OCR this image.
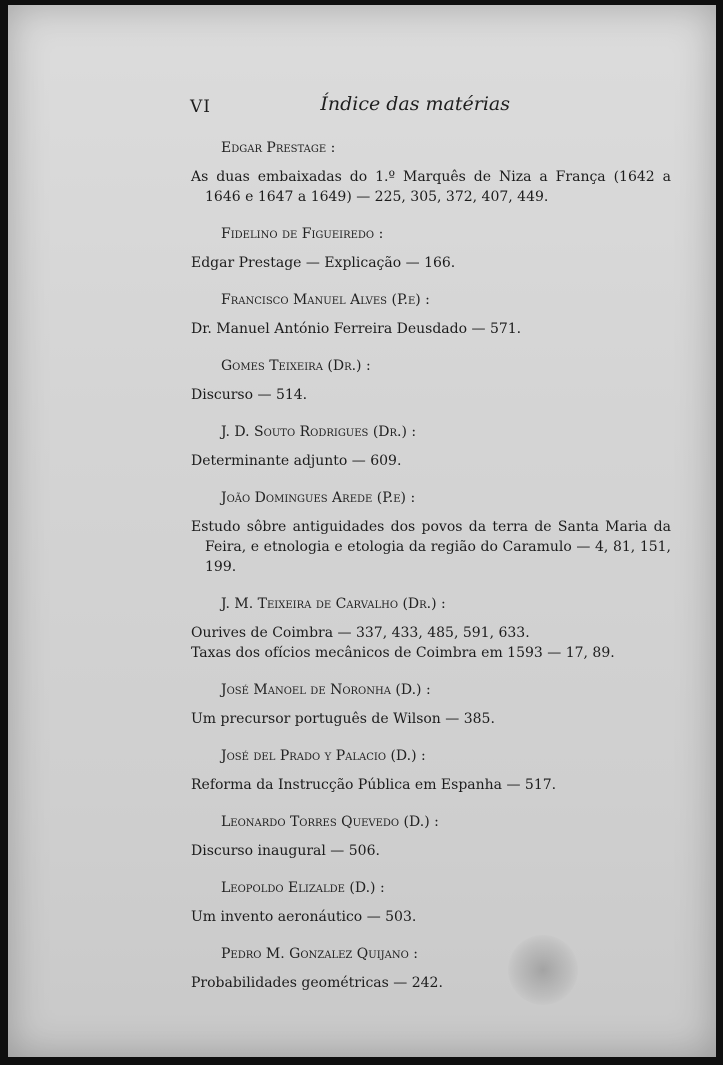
VI	Índice das matérias
Edgar Prestage :
As duas embaixadas do 1.º Marquês de Niza a França (1642 a 1646 e 1647 a 1649) — 225, 305, 372, 407, 449.
Fidelino de Figueiredo :
Edgar Prestage — Explicação — 166.
Francisco Manuel Alves (P.e) :
Dr. Manuel António Ferreira Deusdado — 571.
Gomes Teixeira (Dr.) :
Discurso — 514.
J. D. Souto Rodrigues (Dr.) :
Determinante adjunto — 609.
João Domingues Arede (P.e) :
Estudo sôbre antiguidades dos povos da terra de Santa Maria da Feira, e etnologia e etologia da região do Caramulo — 4, 81, 151, 199.
J. M. Teixeira de Carvalho (Dr.) :
Ourives de Coimbra — 337, 433, 485, 591, 633.
Taxas dos ofícios mecânicos de Coimbra em 1593 — 17, 89.
José Manoel de Noronha (D.) :
Um precursor português de Wilson — 385.
José del Prado y Palacio (D.) :
Reforma da Instrucção Pública em Espanha — 517.
Leonardo Torres Quevedo (D.) :
Discurso inaugural — 506.
Leopoldo Elizalde (D.) :
Um invento aeronáutico — 503.
Pedro M. Gonzalez Quijano :
Probabilidades geométricas — 242.
